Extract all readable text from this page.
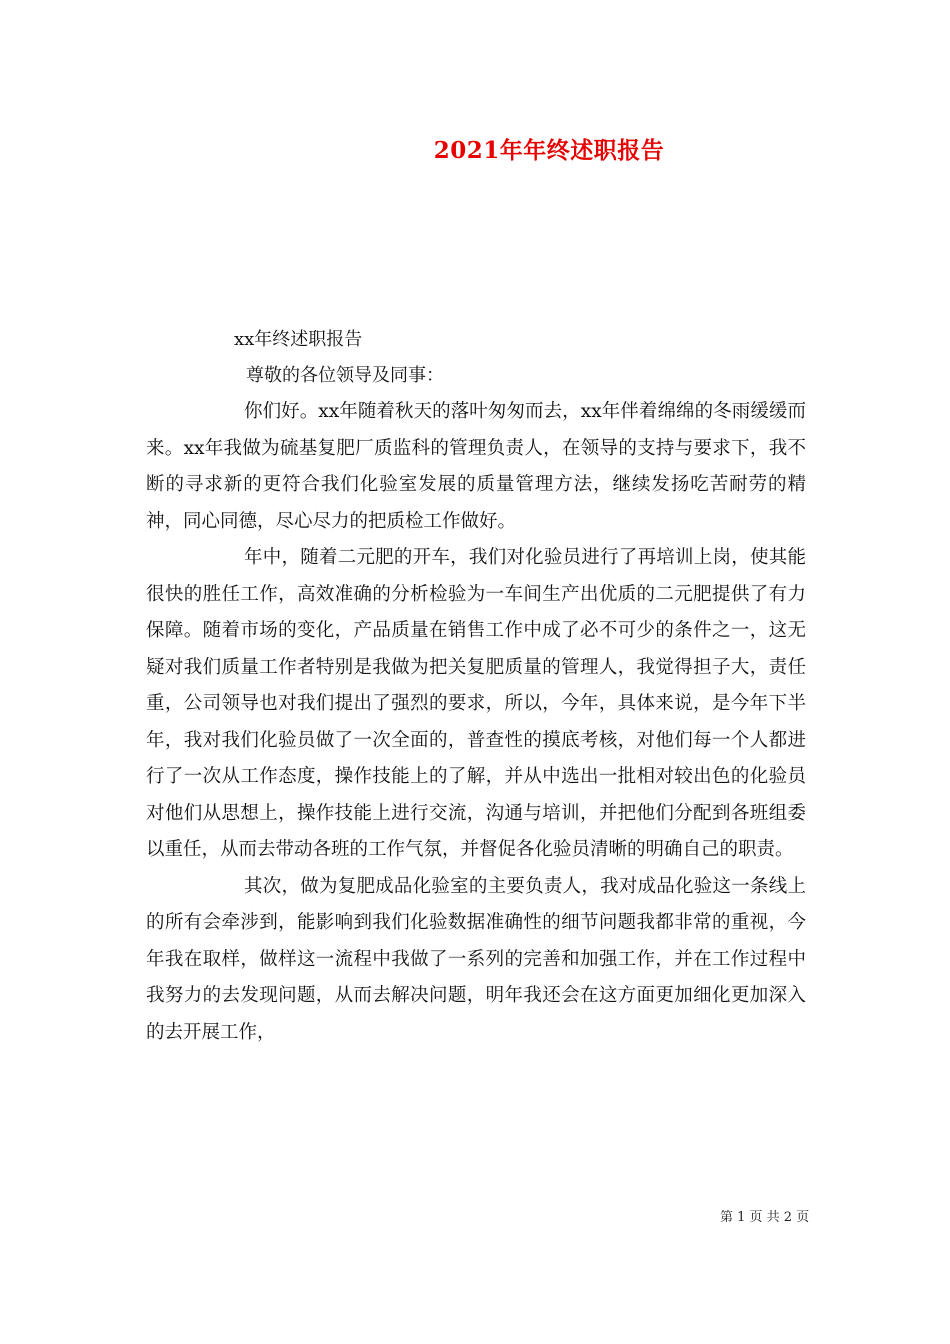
2021年年终述职报告

xx年终述职报告

尊敬的各位领导及同事：

你们好。xx年随着秋天的落叶匆匆而去，xx年伴着绵绵的冬雨缓缓而来。xx年我做为硫基复肥厂质监科的管理负责人，在领导的支持与要求下，我不断的寻求新的更符合我们化验室发展的质量管理方法，继续发扬吃苦耐劳的精神，同心同德，尽心尽力的把质检工作做好。

年中，随着二元肥的开车，我们对化验员进行了再培训上岗，使其能很快的胜任工作，高效准确的分析检验为一车间生产出优质的二元肥提供了有力保障。随着市场的变化，产品质量在销售工作中成了必不可少的条件之一，这无疑对我们质量工作者特别是我做为把关复肥质量的管理人，我觉得担子大，责任重，公司领导也对我们提出了强烈的要求，所以，今年，具体来说，是今年下半年，我对我们化验员做了一次全面的，普查性的摸底考核，对他们每一个人都进行了一次从工作态度，操作技能上的了解，并从中选出一批相对较出色的化验员对他们从思想上，操作技能上进行交流，沟通与培训，并把他们分配到各班组委以重任，从而去带动各班的工作气氛，并督促各化验员清晰的明确自己的职责。

其次，做为复肥成品化验室的主要负责人，我对成品化验这一条线上的所有会牵涉到，能影响到我们化验数据准确性的细节问题我都非常的重视，今年我在取样，做样这一流程中我做了一系列的完善和加强工作，并在工作过程中我努力的去发现问题，从而去解决问题，明年我还会在这方面更加细化更加深入的去开展工作，

第 1 页 共 2 页
